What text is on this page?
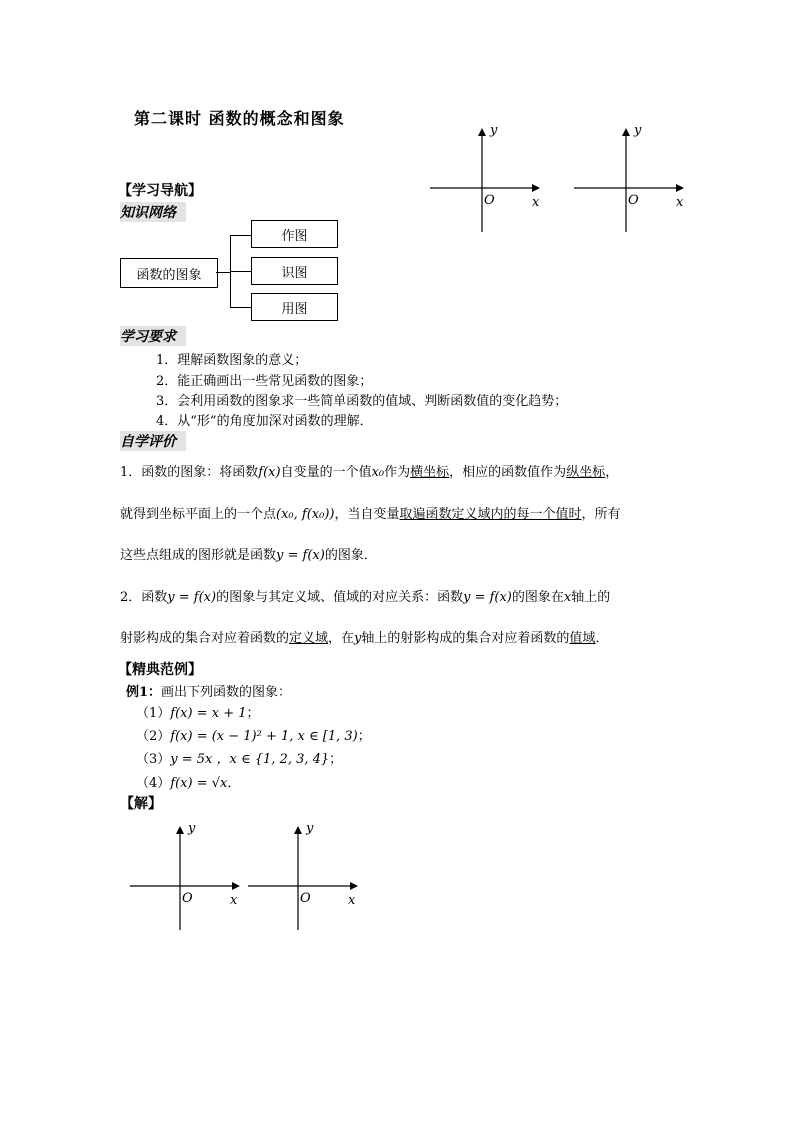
第二课时 函数的概念和图象
y
O	x
y
O	x
【学习导航】
知识网络
函数的图象
作图
识图
用图
学习要求
1．理解函数图象的意义；
2．能正确画出一些常见函数的图象；
3．会利用函数的图象求一些简单函数的值域、判断函数值的变化趋势；
4．从“形”的角度加深对函数的理解．
自学评价
1．函数的图象：将函数f(x)自变量的一个值x₀作为横坐标，相应的函数值作为纵坐标，
就得到坐标平面上的一个点(x₀, f(x₀))，当自变量取遍函数定义域内的每一个值时，所有
这些点组成的图形就是函数y = f(x)的图象．
2．函数y = f(x)的图象与其定义域、值域的对应关系：函数y = f(x)的图象在x轴上的
射影构成的集合对应着函数的定义域，在y轴上的射影构成的集合对应着函数的值域．
【精典范例】
例1：画出下列函数的图象：
（1）f(x) = x + 1；
（2）f(x) = (x − 1)² + 1, x ∈ [1, 3)；
（3）y = 5x ，x ∈ {1, 2, 3, 4}；
（4）f(x) = √x．
【解】
y
O	x
y
O	x
